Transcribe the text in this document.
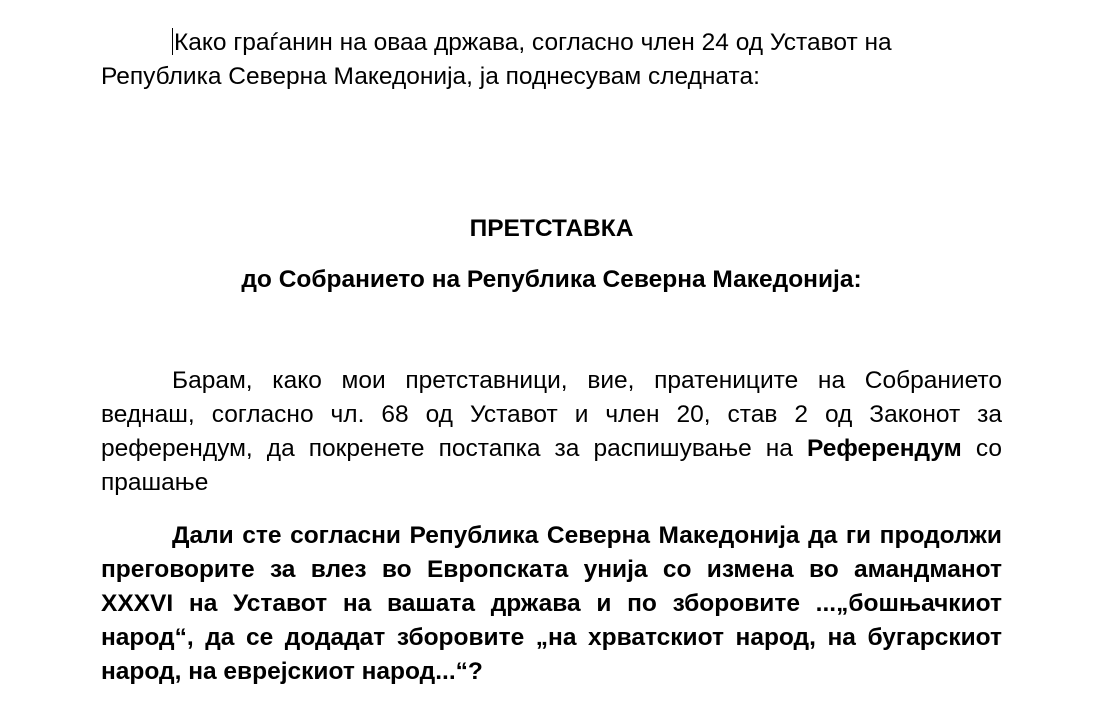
Како граѓанин на оваа држава, согласно член 24 од Уставот на Република Северна Македонија, ја поднесувам следната:

ПРЕТСТАВКА

до Собранието на Република Северна Македонија:

Барам, како мои претставници, вие, пратениците на Собранието веднаш, согласно чл. 68 од Уставот и член 20, став 2 од Законот за референдум, да покренете постапка за распишување на Референдум со прашање

Дали сте согласни Република Северна Македонија да ги продолжи преговорите за влез во Европската унија со измена во амандманот XXXVI на Уставот на вашата држава и по зборовите ...„бошњачкиот народ“, да се додадат зборовите „на хрватскиот народ, на бугарскиот народ, на еврејскиот народ...“?
